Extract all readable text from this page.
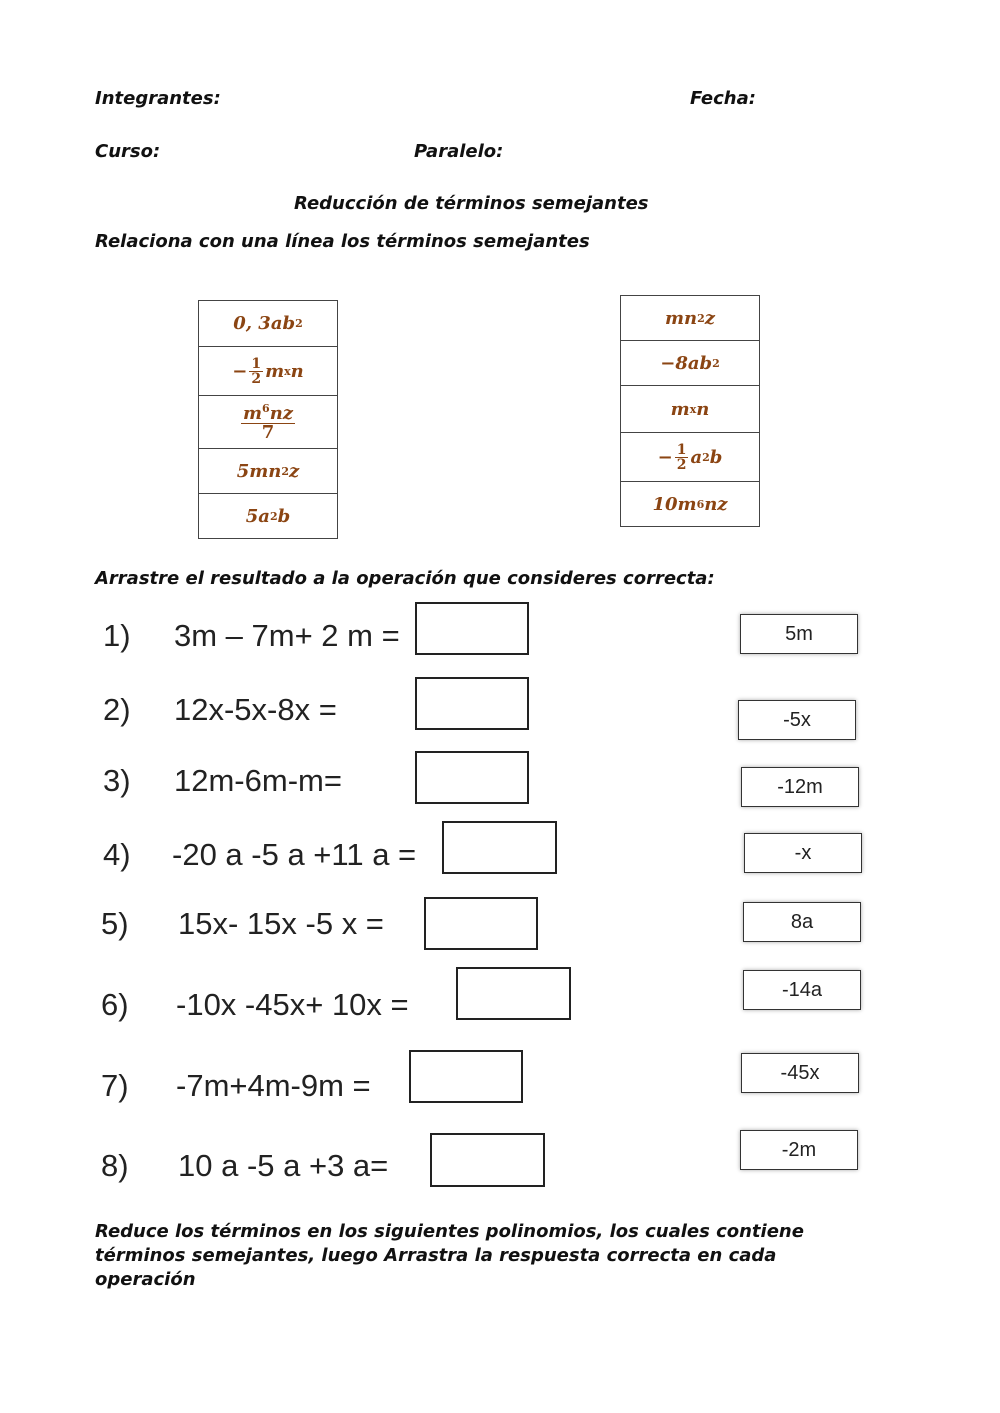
Integrantes:	Fecha:
Curso:	Paralelo:
Reducción de términos semejantes
Relaciona con una línea los términos semejantes
0, 3ab 2
− $\frac{1}{2}$ m x n
$\frac{m^6nz}{7}$
5mn 2 z
5a 2 b
mn 2 z
−8ab 2
m x n
− $\frac{1}{2}$ a 2 b
10m 6 nz
Arrastre el resultado a la operación que consideres correcta:
1) 3m – 7m+ 2 m =
2) 12x-5x-8x =
3) 12m-6m-m=
4) -20 a -5 a +11 a =
5) 15x- 15x -5 x =
6) -10x -45x+ 10x =
7) -7m+4m-9m =
8) 10 a -5 a +3 a=
5m
-5x
-12m
-x
8a
-14a
-45x
-2m
Reduce los términos en los siguientes polinomios, los cuales contiene términos semejantes, luego Arrastra la respuesta correcta en cada operación
